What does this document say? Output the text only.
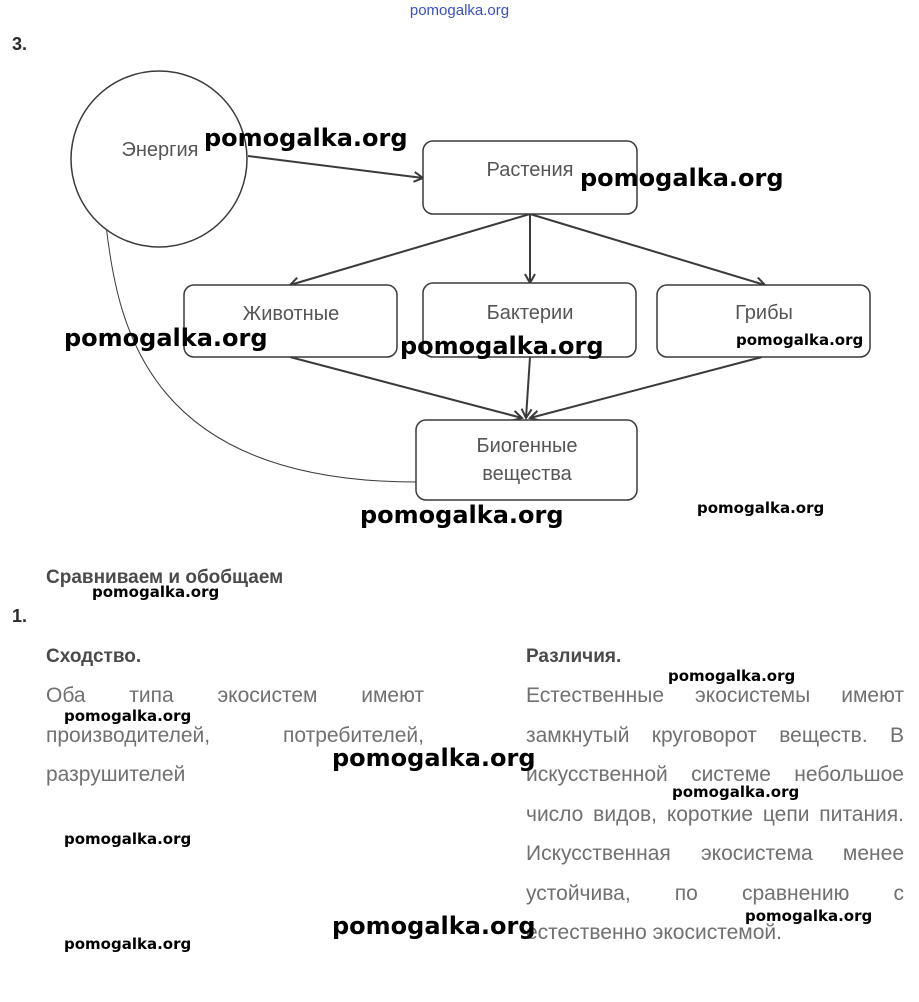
pomogalka.org
3.
Энергия
Растения
Животные	Бактерии	Грибы
Биогенные
вещества
Сравниваем и обобщаем
1.
Сходство.
Оба типа экосистем имеют производителей, потребителей, разрушителей
Различия.
Естественные экосистемы имеют замкнутый круговорот веществ. В искусственной системе небольшое число видов, короткие цепи питания. Искусственная экосистема менее устойчива, по сравнению с естественно экосистемой.
pomogalka.org
pomogalka.org
pomogalka.org	pomogalka.org	pomogalka.org
pomogalka.org	pomogalka.org
pomogalka.org
pomogalka.org
pomogalka.org
pomogalka.org
pomogalka.org
pomogalka.org
pomogalka.org
pomogalka.org
pomogalka.org
